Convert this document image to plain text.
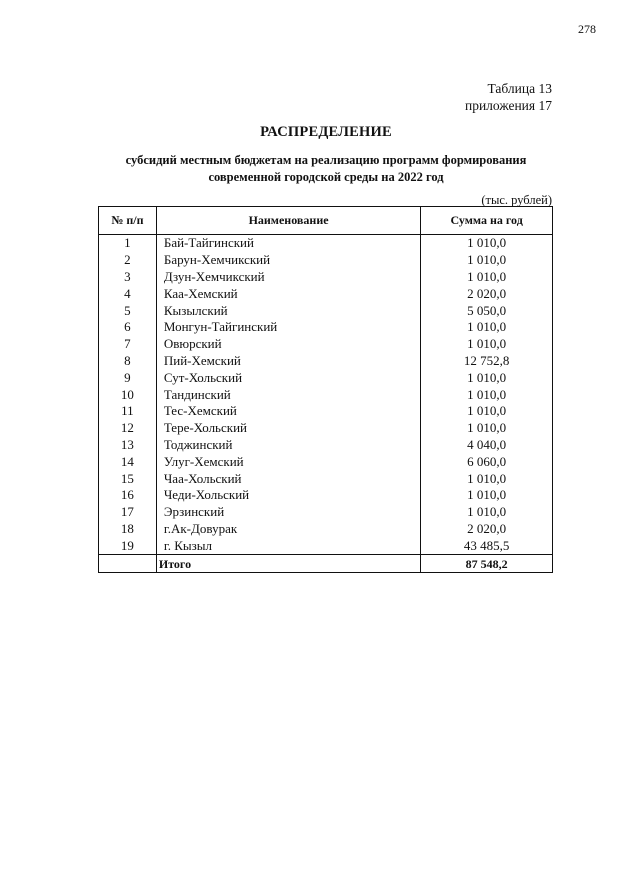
278
Таблица 13
приложения 17
РАСПРЕДЕЛЕНИЕ
субсидий местным бюджетам на реализацию программ формирования
современной городской среды на 2022 год
(тыс. рублей)
№ п/п	Наименование	Сумма на год
1	Бай-Тайгинский	1 010,0
2	Барун-Хемчикский	1 010,0
3	Дзун-Хемчикский	1 010,0
4	Каа-Хемский	2 020,0
5	Кызылский	5 050,0
6	Монгун-Тайгинский	1 010,0
7	Овюрский	1 010,0
8	Пий-Хемский	12 752,8
9	Сут-Хольский	1 010,0
10	Тандинский	1 010,0
11	Тес-Хемский	1 010,0
12	Тере-Хольский	1 010,0
13	Тоджинский	4 040,0
14	Улуг-Хемский	6 060,0
15	Чаа-Хольский	1 010,0
16	Чеди-Хольский	1 010,0
17	Эрзинский	1 010,0
18	г.Ак-Довурак	2 020,0
19	г. Кызыл	43 485,5
	Итого	87 548,2
